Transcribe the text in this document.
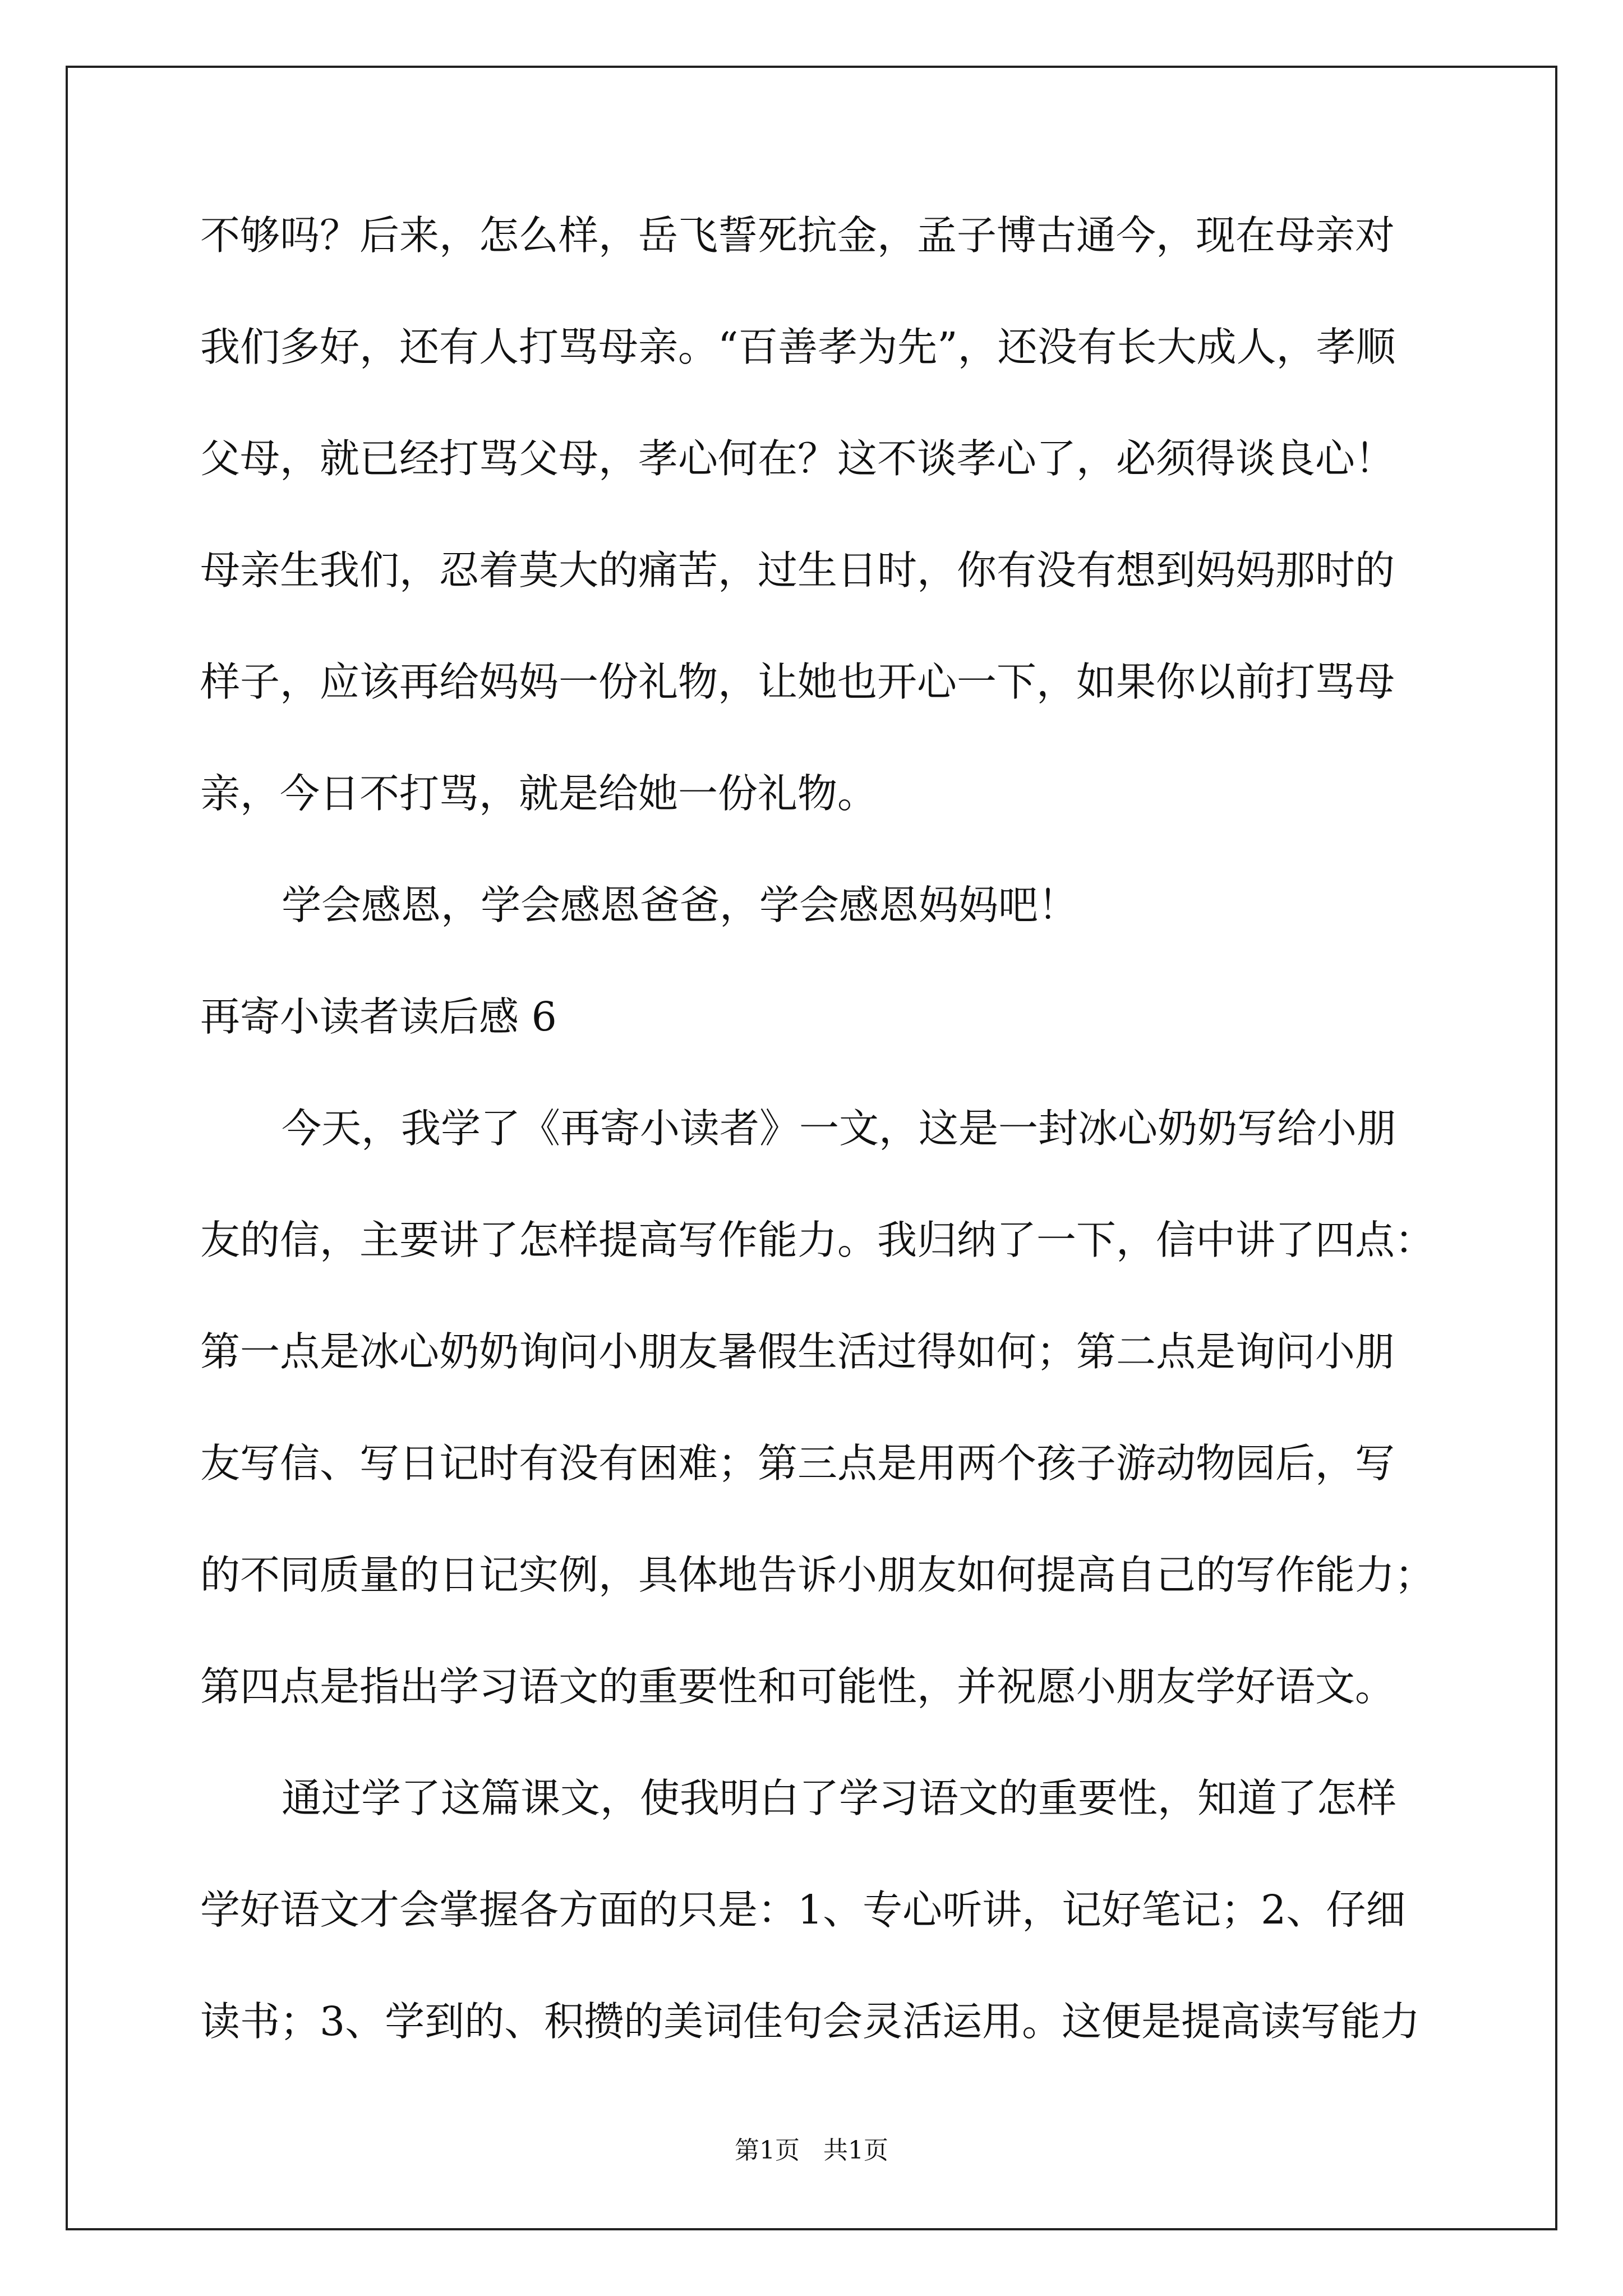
不够吗？后来，怎么样，岳飞誓死抗金，孟子博古通今，现在母亲对
我们多好，还有人打骂母亲。“百善孝为先”，还没有长大成人，孝顺
父母，就已经打骂父母，孝心何在？这不谈孝心了，必须得谈良心！
母亲生我们，忍着莫大的痛苦，过生日时，你有没有想到妈妈那时的
样子，应该再给妈妈一份礼物，让她也开心一下，如果你以前打骂母
亲，今日不打骂，就是给她一份礼物。
学会感恩，学会感恩爸爸，学会感恩妈妈吧！
再寄小读者读后感 6
今天，我学了《再寄小读者》一文，这是一封冰心奶奶写给小朋
友的信，主要讲了怎样提高写作能力。我归纳了一下，信中讲了四点：
第一点是冰心奶奶询问小朋友暑假生活过得如何；第二点是询问小朋
友写信、写日记时有没有困难；第三点是用两个孩子游动物园后，写
的不同质量的日记实例，具体地告诉小朋友如何提高自己的写作能力；
第四点是指出学习语文的重要性和可能性，并祝愿小朋友学好语文。
通过学了这篇课文，使我明白了学习语文的重要性，知道了怎样
学好语文才会掌握各方面的只是：1、专心听讲，记好笔记；2、仔细
读书；3、学到的、积攒的美词佳句会灵活运用。这便是提高读写能力
第1页   共1页
